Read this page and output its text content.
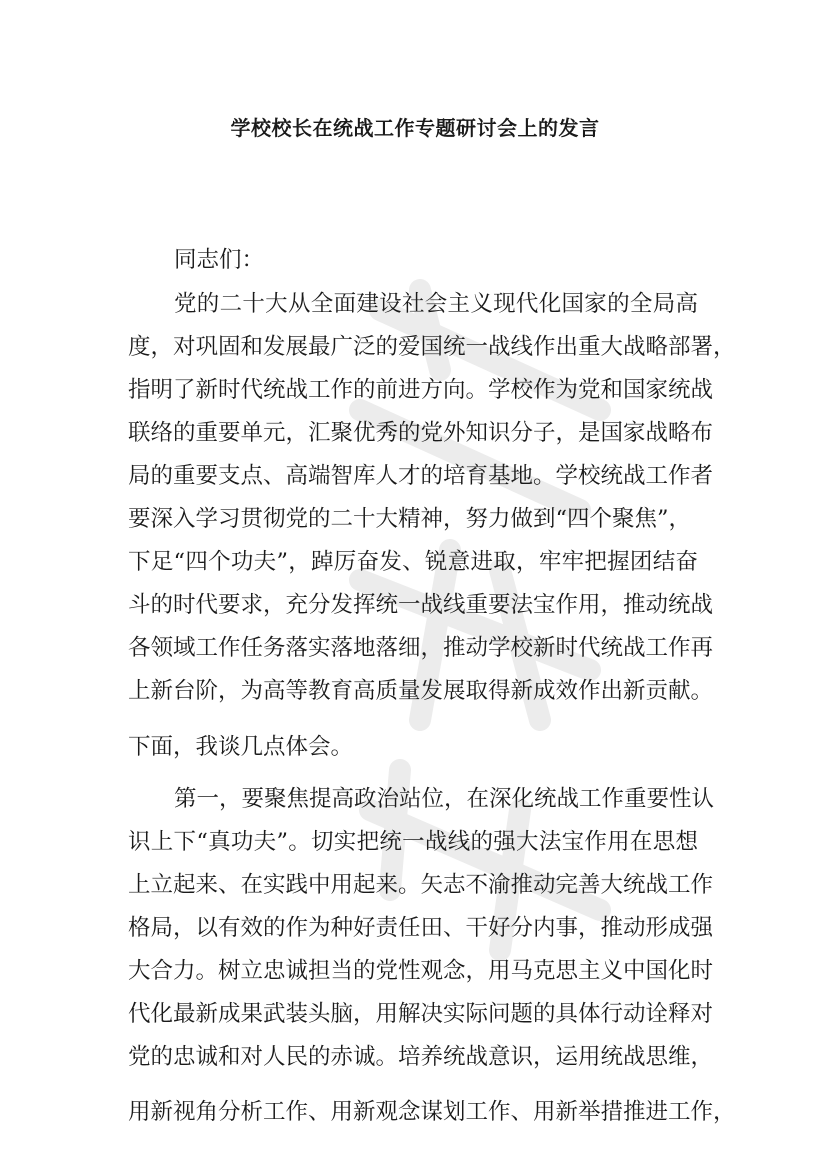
学校校长在统战工作专题研讨会上的发言
同志们：
党的二十大从全面建设社会主义现代化国家的全局高
度，对巩固和发展最广泛的爱国统一战线作出重大战略部署，
指明了新时代统战工作的前进方向。学校作为党和国家统战
联络的重要单元，汇聚优秀的党外知识分子，是国家战略布
局的重要支点、高端智库人才的培育基地。学校统战工作者
要深入学习贯彻党的二十大精神，努力做到“四个聚焦”，
下足“四个功夫”，踔厉奋发、锐意进取，牢牢把握团结奋
斗的时代要求，充分发挥统一战线重要法宝作用，推动统战
各领域工作任务落实落地落细，推动学校新时代统战工作再
上新台阶，为高等教育高质量发展取得新成效作出新贡献。
下面，我谈几点体会。
第一，要聚焦提高政治站位，在深化统战工作重要性认
识上下“真功夫”。切实把统一战线的强大法宝作用在思想
上立起来、在实践中用起来。矢志不渝推动完善大统战工作
格局，以有效的作为种好责任田、干好分内事，推动形成强
大合力。树立忠诚担当的党性观念，用马克思主义中国化时
代化最新成果武装头脑，用解决实际问题的具体行动诠释对
党的忠诚和对人民的赤诚。培养统战意识，运用统战思维，
用新视角分析工作、用新观念谋划工作、用新举措推进工作，
